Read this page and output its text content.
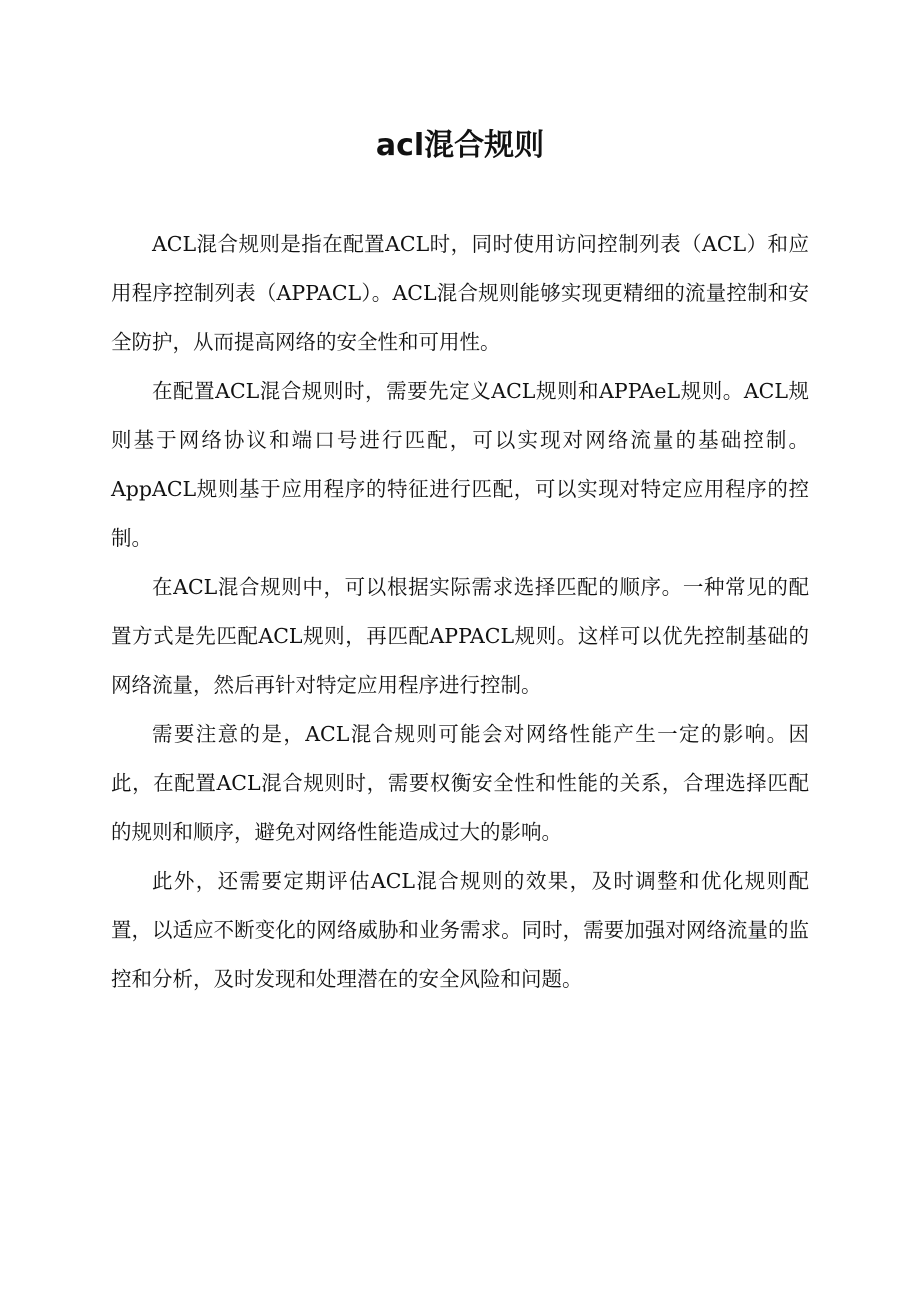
acl混合规则

ACL混合规则是指在配置ACL时，同时使用访问控制列表（ACL）和应用程序控制列表（APPACL）。ACL混合规则能够实现更精细的流量控制和安全防护，从而提高网络的安全性和可用性。

在配置ACL混合规则时，需要先定义ACL规则和APPAeL规则。ACL规则基于网络协议和端口号进行匹配，可以实现对网络流量的基础控制。AppACL规则基于应用程序的特征进行匹配，可以实现对特定应用程序的控制。

在ACL混合规则中，可以根据实际需求选择匹配的顺序。一种常见的配置方式是先匹配ACL规则，再匹配APPACL规则。这样可以优先控制基础的网络流量，然后再针对特定应用程序进行控制。

需要注意的是，ACL混合规则可能会对网络性能产生一定的影响。因此，在配置ACL混合规则时，需要权衡安全性和性能的关系，合理选择匹配的规则和顺序，避免对网络性能造成过大的影响。

此外，还需要定期评估ACL混合规则的效果，及时调整和优化规则配置，以适应不断变化的网络威胁和业务需求。同时，需要加强对网络流量的监控和分析，及时发现和处理潜在的安全风险和问题。
